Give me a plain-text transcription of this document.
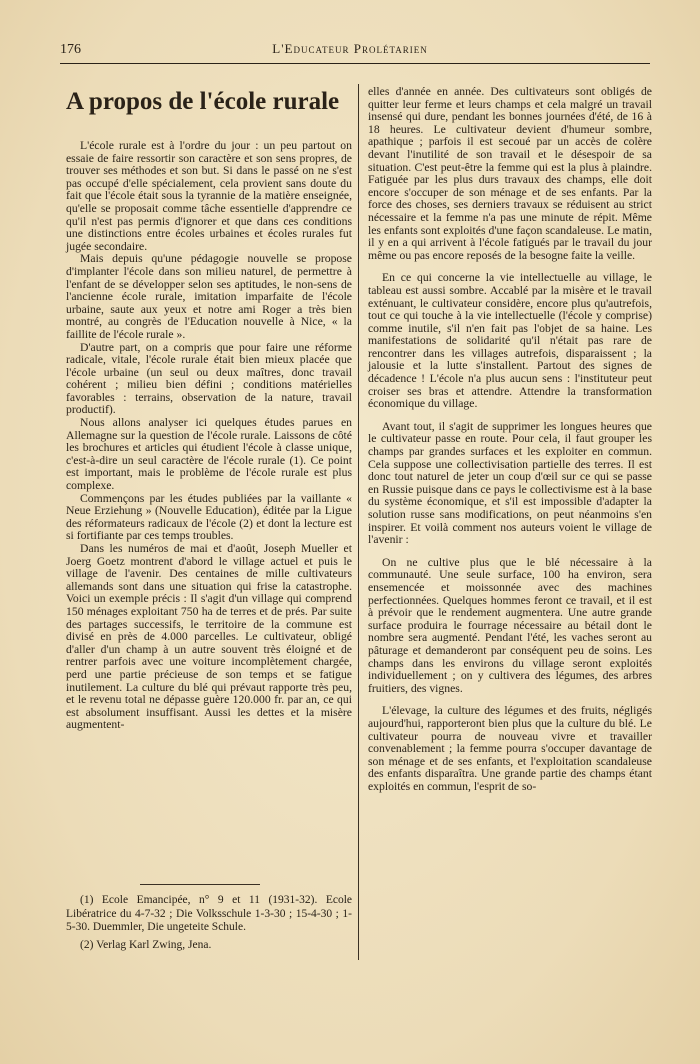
176	L'Educateur Prolétarien
A propos de l'école rurale

L'école rurale est à l'ordre du jour : un peu partout on essaie de faire ressortir son caractère et son sens propres, de trouver ses méthodes et son but. Si dans le passé on ne s'est pas occupé d'elle spécialement, cela provient sans doute du fait que l'école était sous la tyrannie de la matière enseignée, qu'elle se proposait comme tâche essentielle d'apprendre ce qu'il n'est pas permis d'ignorer et que dans ces conditions une distinctions entre écoles urbaines et écoles rurales fut jugée secondaire.

Mais depuis qu'une pédagogie nouvelle se propose d'implanter l'école dans son milieu naturel, de permettre à l'enfant de se développer selon ses aptitudes, le non-sens de l'ancienne école rurale, imitation imparfaite de l'école urbaine, saute aux yeux et notre ami Roger a très bien montré, au congrès de l'Education nouvelle à Nice, « la faillite de l'école rurale ».

D'autre part, on a compris que pour faire une réforme radicale, vitale, l'école rurale était bien mieux placée que l'école urbaine (un seul ou deux maîtres, donc travail cohérent ; milieu bien défini ; conditions matérielles favorables : terrains, observation de la nature, travail productif).

Nous allons analyser ici quelques études parues en Allemagne sur la question de l'école rurale. Laissons de côté les brochures et articles qui étudient l'école à classe unique, c'est-à-dire un seul caractère de l'école rurale (1). Ce point est important, mais le problème de l'école rurale est plus complexe.

Commençons par les études publiées par la vaillante « Neue Erziehung » (Nouvelle Education), éditée par la Ligue des réformateurs radicaux de l'école (2) et dont la lecture est si fortifiante par ces temps troubles.

Dans les numéros de mai et d'août, Joseph Mueller et Joerg Goetz montrent d'abord le village actuel et puis le village de l'avenir. Des centaines de mille cultivateurs allemands sont dans une situation qui frise la catastrophe. Voici un exemple précis : Il s'agit d'un village qui comprend 150 ménages exploitant 750 ha de terres et de prés. Par suite des partages successifs, le territoire de la commune est divisé en près de 4.000 parcelles. Le cultivateur, obligé d'aller d'un champ à un autre souvent très éloigné et de rentrer parfois avec une voiture incomplètement chargée, perd une partie précieuse de son temps et se fatigue inutilement. La culture du blé qui prévaut rapporte très peu, et le revenu total ne dépasse guère 120.000 fr. par an, ce qui est absolument insuffisant. Aussi les dettes et la misère augmentent-

elles d'année en année. Des cultivateurs sont obligés de quitter leur ferme et leurs champs et cela malgré un travail insensé qui dure, pendant les bonnes journées d'été, de 16 à 18 heures. Le cultivateur devient d'humeur sombre, apathique ; parfois il est secoué par un accès de colère devant l'inutilité de son travail et le désespoir de sa situation. C'est peut-être la femme qui est la plus à plaindre. Fatiguée par les plus durs travaux des champs, elle doit encore s'occuper de son ménage et de ses enfants. Par la force des choses, ses derniers travaux se réduisent au strict nécessaire et la femme n'a pas une minute de répit. Même les enfants sont exploités d'une façon scandaleuse. Le matin, il y en a qui arrivent à l'école fatigués par le travail du jour même ou pas encore reposés de la besogne faite la veille.

En ce qui concerne la vie intellectuelle au village, le tableau est aussi sombre. Accablé par la misère et le travail exténuant, le cultivateur considère, encore plus qu'autrefois, tout ce qui touche à la vie intellectuelle (l'école y comprise) comme inutile, s'il n'en fait pas l'objet de sa haine. Les manifestations de solidarité qu'il n'était pas rare de rencontrer dans les villages autrefois, disparaissent ; la jalousie et la lutte s'installent. Partout des signes de décadence ! L'école n'a plus aucun sens : l'instituteur peut croiser ses bras et attendre. Attendre la transformation économique du village.

Avant tout, il s'agit de supprimer les longues heures que le cultivateur passe en route. Pour cela, il faut grouper les champs par grandes surfaces et les exploiter en commun. Cela suppose une collectivisation partielle des terres. Il est donc tout naturel de jeter un coup d'œil sur ce qui se passe en Russie puisque dans ce pays le collectivisme est à la base du système économique, et s'il est impossible d'adapter la solution russe sans modifications, on peut néanmoins s'en inspirer. Et voilà comment nos auteurs voient le village de l'avenir :

On ne cultive plus que le blé nécessaire à la communauté. Une seule surface, 100 ha environ, sera ensemencée et moissonnée avec des machines perfectionnées. Quelques hommes feront ce travail, et il est à prévoir que le rendement augmentera. Une autre grande surface produira le fourrage nécessaire au bétail dont le nombre sera augmenté. Pendant l'été, les vaches seront au pâturage et demanderont par conséquent peu de soins. Les champs dans les environs du village seront exploités individuellement ; on y cultivera des légumes, des arbres fruitiers, des vignes.

L'élevage, la culture des légumes et des fruits, négligés aujourd'hui, rapporteront bien plus que la culture du blé. Le cultivateur pourra de nouveau vivre et travailler convenablement ; la femme pourra s'occuper davantage de son ménage et de ses enfants, et l'exploitation scandaleuse des enfants disparaîtra. Une grande partie des champs étant exploités en commun, l'esprit de so-

(1) Ecole Emancipée, n° 9 et 11 (1931-32). Ecole Libératrice du 4-7-32 ; Die Volksschule 1-3-30 ; 15-4-30 ; 1-5-30. Duemmler, Die ungeteite Schule.

(2) Verlag Karl Zwing, Jena.
